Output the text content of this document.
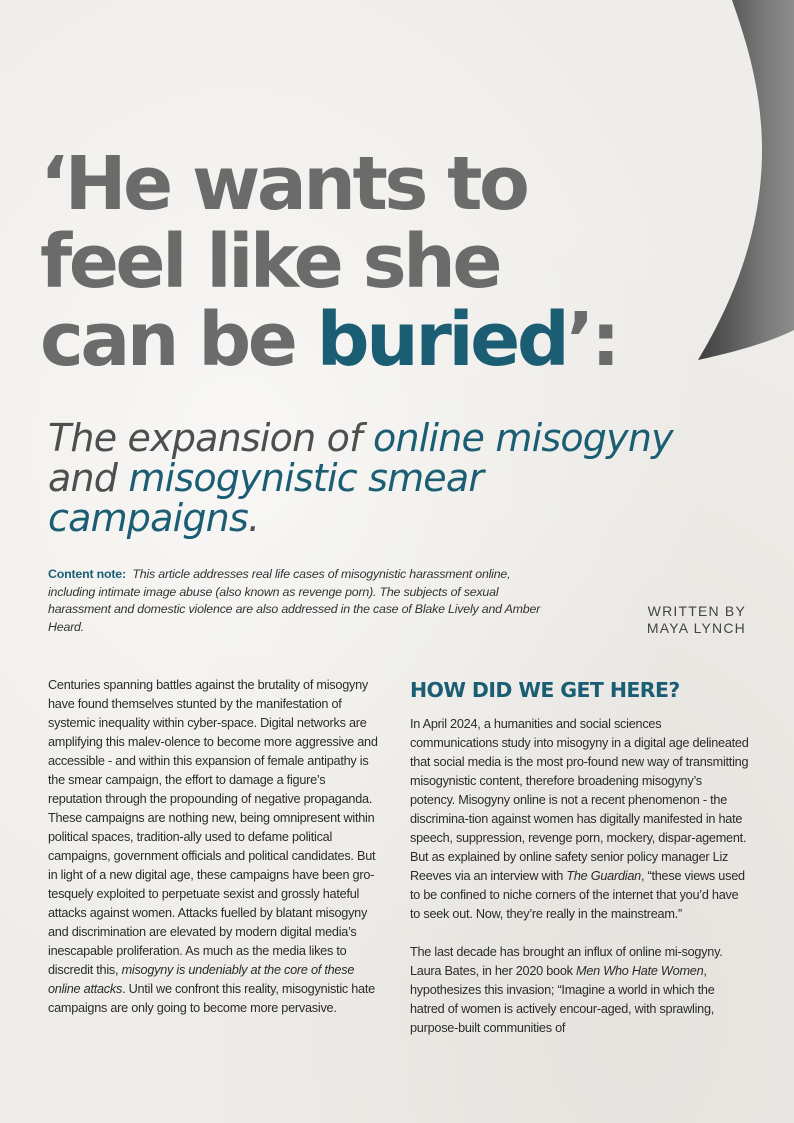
‘He wants to
feel like she
can be buried’:
The expansion of online misogyny and misogynistic smear campaigns.

Content note: This article addresses real life cases of misogynistic harassment online, including intimate image abuse (also known as revenge porn). The subjects of sexual harassment and domestic violence are also addressed in the case of Blake Lively and Amber Heard.

WRITTEN BY
MAYA LYNCH

Centuries spanning battles against the brutality of misogyny have found themselves stunted by the manifestation of systemic inequality within cyber-space. Digital networks are amplifying this malev-olence to become more aggressive and accessible - and within this expansion of female antipathy is the smear campaign, the effort to damage a figure’s reputation through the propounding of negative propaganda. These campaigns are nothing new, being omnipresent within political spaces, tradition-ally used to defame political campaigns, government officials and political candidates. But in light of a new digital age, these campaigns have been gro-tesquely exploited to perpetuate sexist and grossly hateful attacks against women. Attacks fuelled by blatant misogyny and discrimination are elevated by modern digital media’s inescapable proliferation. As much as the media likes to discredit this, misogyny is undeniably at the core of these online attacks. Until we confront this reality, misogynistic hate campaigns are only going to become more pervasive.

HOW DID WE GET HERE?

In April 2024, a humanities and social sciences communications study into misogyny in a digital age delineated that social media is the most pro-found new way of transmitting misogynistic content, therefore broadening misogyny’s potency. Misogyny online is not a recent phenomenon - the discrimina-tion against women has digitally manifested in hate speech, suppression, revenge porn, mockery, dispar-agement. But as explained by online safety senior policy manager Liz Reeves via an interview with The Guardian, “these views used to be confined to niche corners of the internet that you’d have to seek out. Now, they’re really in the mainstream.”

The last decade has brought an influx of online mi-sogyny. Laura Bates, in her 2020 book Men Who Hate Women, hypothesizes this invasion; “Imagine a world in which the hatred of women is actively encour-aged, with sprawling, purpose-built communities of
